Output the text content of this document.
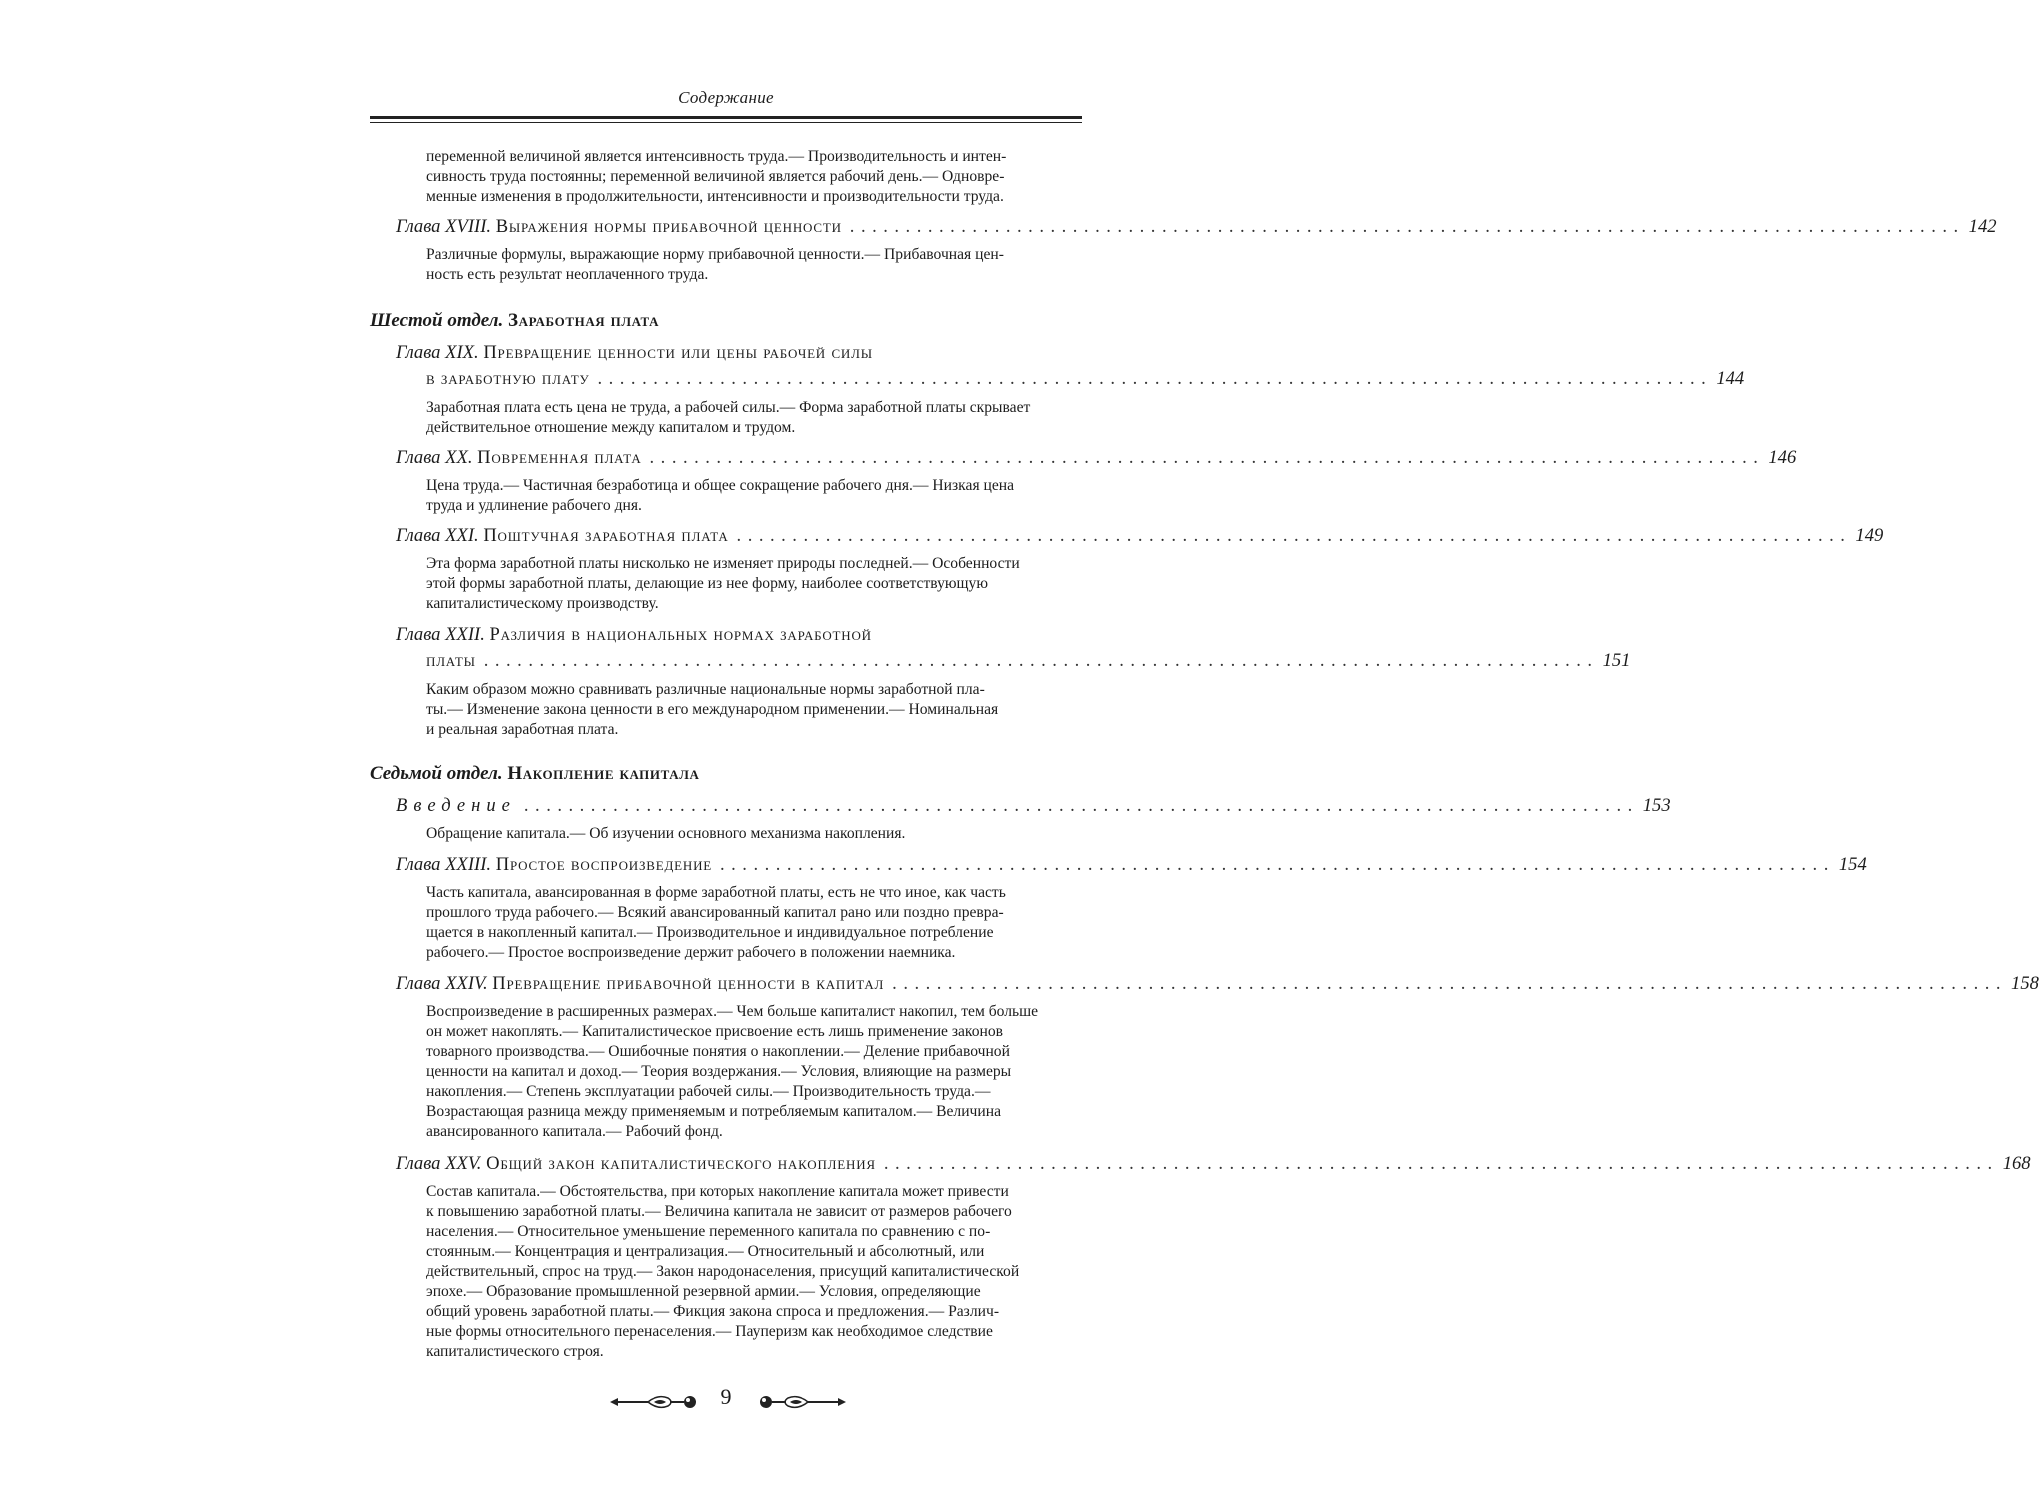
Содержание
переменной величиной является интенсивность труда.— Производительность и интен-
сивность труда постоянны; переменной величиной является рабочий день.— Одновре-
менные изменения в продолжительности, интенсивности и производительности труда.
Глава XVIII.
Выражения нормы прибавочной ценности .................................................................................................... 142
Различные формулы, выражающие норму прибавочной ценности.— Прибавочная цен-
ность есть результат неоплаченного труда.
Шестой отдел. Заработная плата
Глава XIX.
Превращение ценности или цены рабочей силы
в заработную плату .................................................................................................... 144
Заработная плата есть цена не труда, а рабочей силы.— Форма заработной платы скрывает
действительное отношение между капиталом и трудом.
Глава XX.
Повременная плата .................................................................................................... 146
Цена труда.— Частичная безработица и общее сокращение рабочего дня.— Низкая цена
труда и удлинение рабочего дня.
Глава XXI.
Поштучная заработная плата .................................................................................................... 149
Эта форма заработной платы нисколько не изменяет природы последней.— Особенности
этой формы заработной платы, делающие из нее форму, наиболее соответствующую
капиталистическому производству.
Глава XXII.
Различия в национальных нормах заработной
платы .................................................................................................... 151
Каким образом можно сравнивать различные национальные нормы заработной пла-
ты.— Изменение закона ценности в его международном применении.— Номинальная
и реальная заработная плата.
Седьмой отдел. Накопление капитала
Введение .................................................................................................... 153
Обращение капитала.— Об изучении основного механизма накопления.
Глава XXIII.
Простое воспроизведение .................................................................................................... 154
Часть капитала, авансированная в форме заработной платы, есть не что иное, как часть
прошлого труда рабочего.— Всякий авансированный капитал рано или поздно превра-
щается в накопленный капитал.— Производительное и индивидуальное потребление
рабочего.— Простое воспроизведение держит рабочего в положении наемника.
Глава XXIV.
Превращение прибавочной ценности в капитал .................................................................................................... 158
Воспроизведение в расширенных размерах.— Чем больше капиталист накопил, тем больше
он может накоплять.— Капиталистическое присвоение есть лишь применение законов
товарного производства.— Ошибочные понятия о накоплении.— Деление прибавочной
ценности на капитал и доход.— Теория воздержания.— Условия, влияющие на размеры
накопления.— Степень эксплуатации рабочей силы.— Производительность труда.—
Возрастающая разница между применяемым и потребляемым капиталом.— Величина
авансированного капитала.— Рабочий фонд.
Глава XXV.
Общий закон капиталистического накопления .................................................................................................... 168
Состав капитала.— Обстоятельства, при которых накопление капитала может привести
к повышению заработной платы.— Величина капитала не зависит от размеров рабочего
населения.— Относительное уменьшение переменного капитала по сравнению с по-
стоянным.— Концентрация и централизация.— Относительный и абсолютный, или
действительный, спрос на труд.— Закон народонаселения, присущий капиталистической
эпохе.— Образование промышленной резервной армии.— Условия, определяющие
общий уровень заработной платы.— Фикция закона спроса и предложения.— Различ-
ные формы относительного перенаселения.— Пауперизм как необходимое следствие
капиталистического строя.
9
